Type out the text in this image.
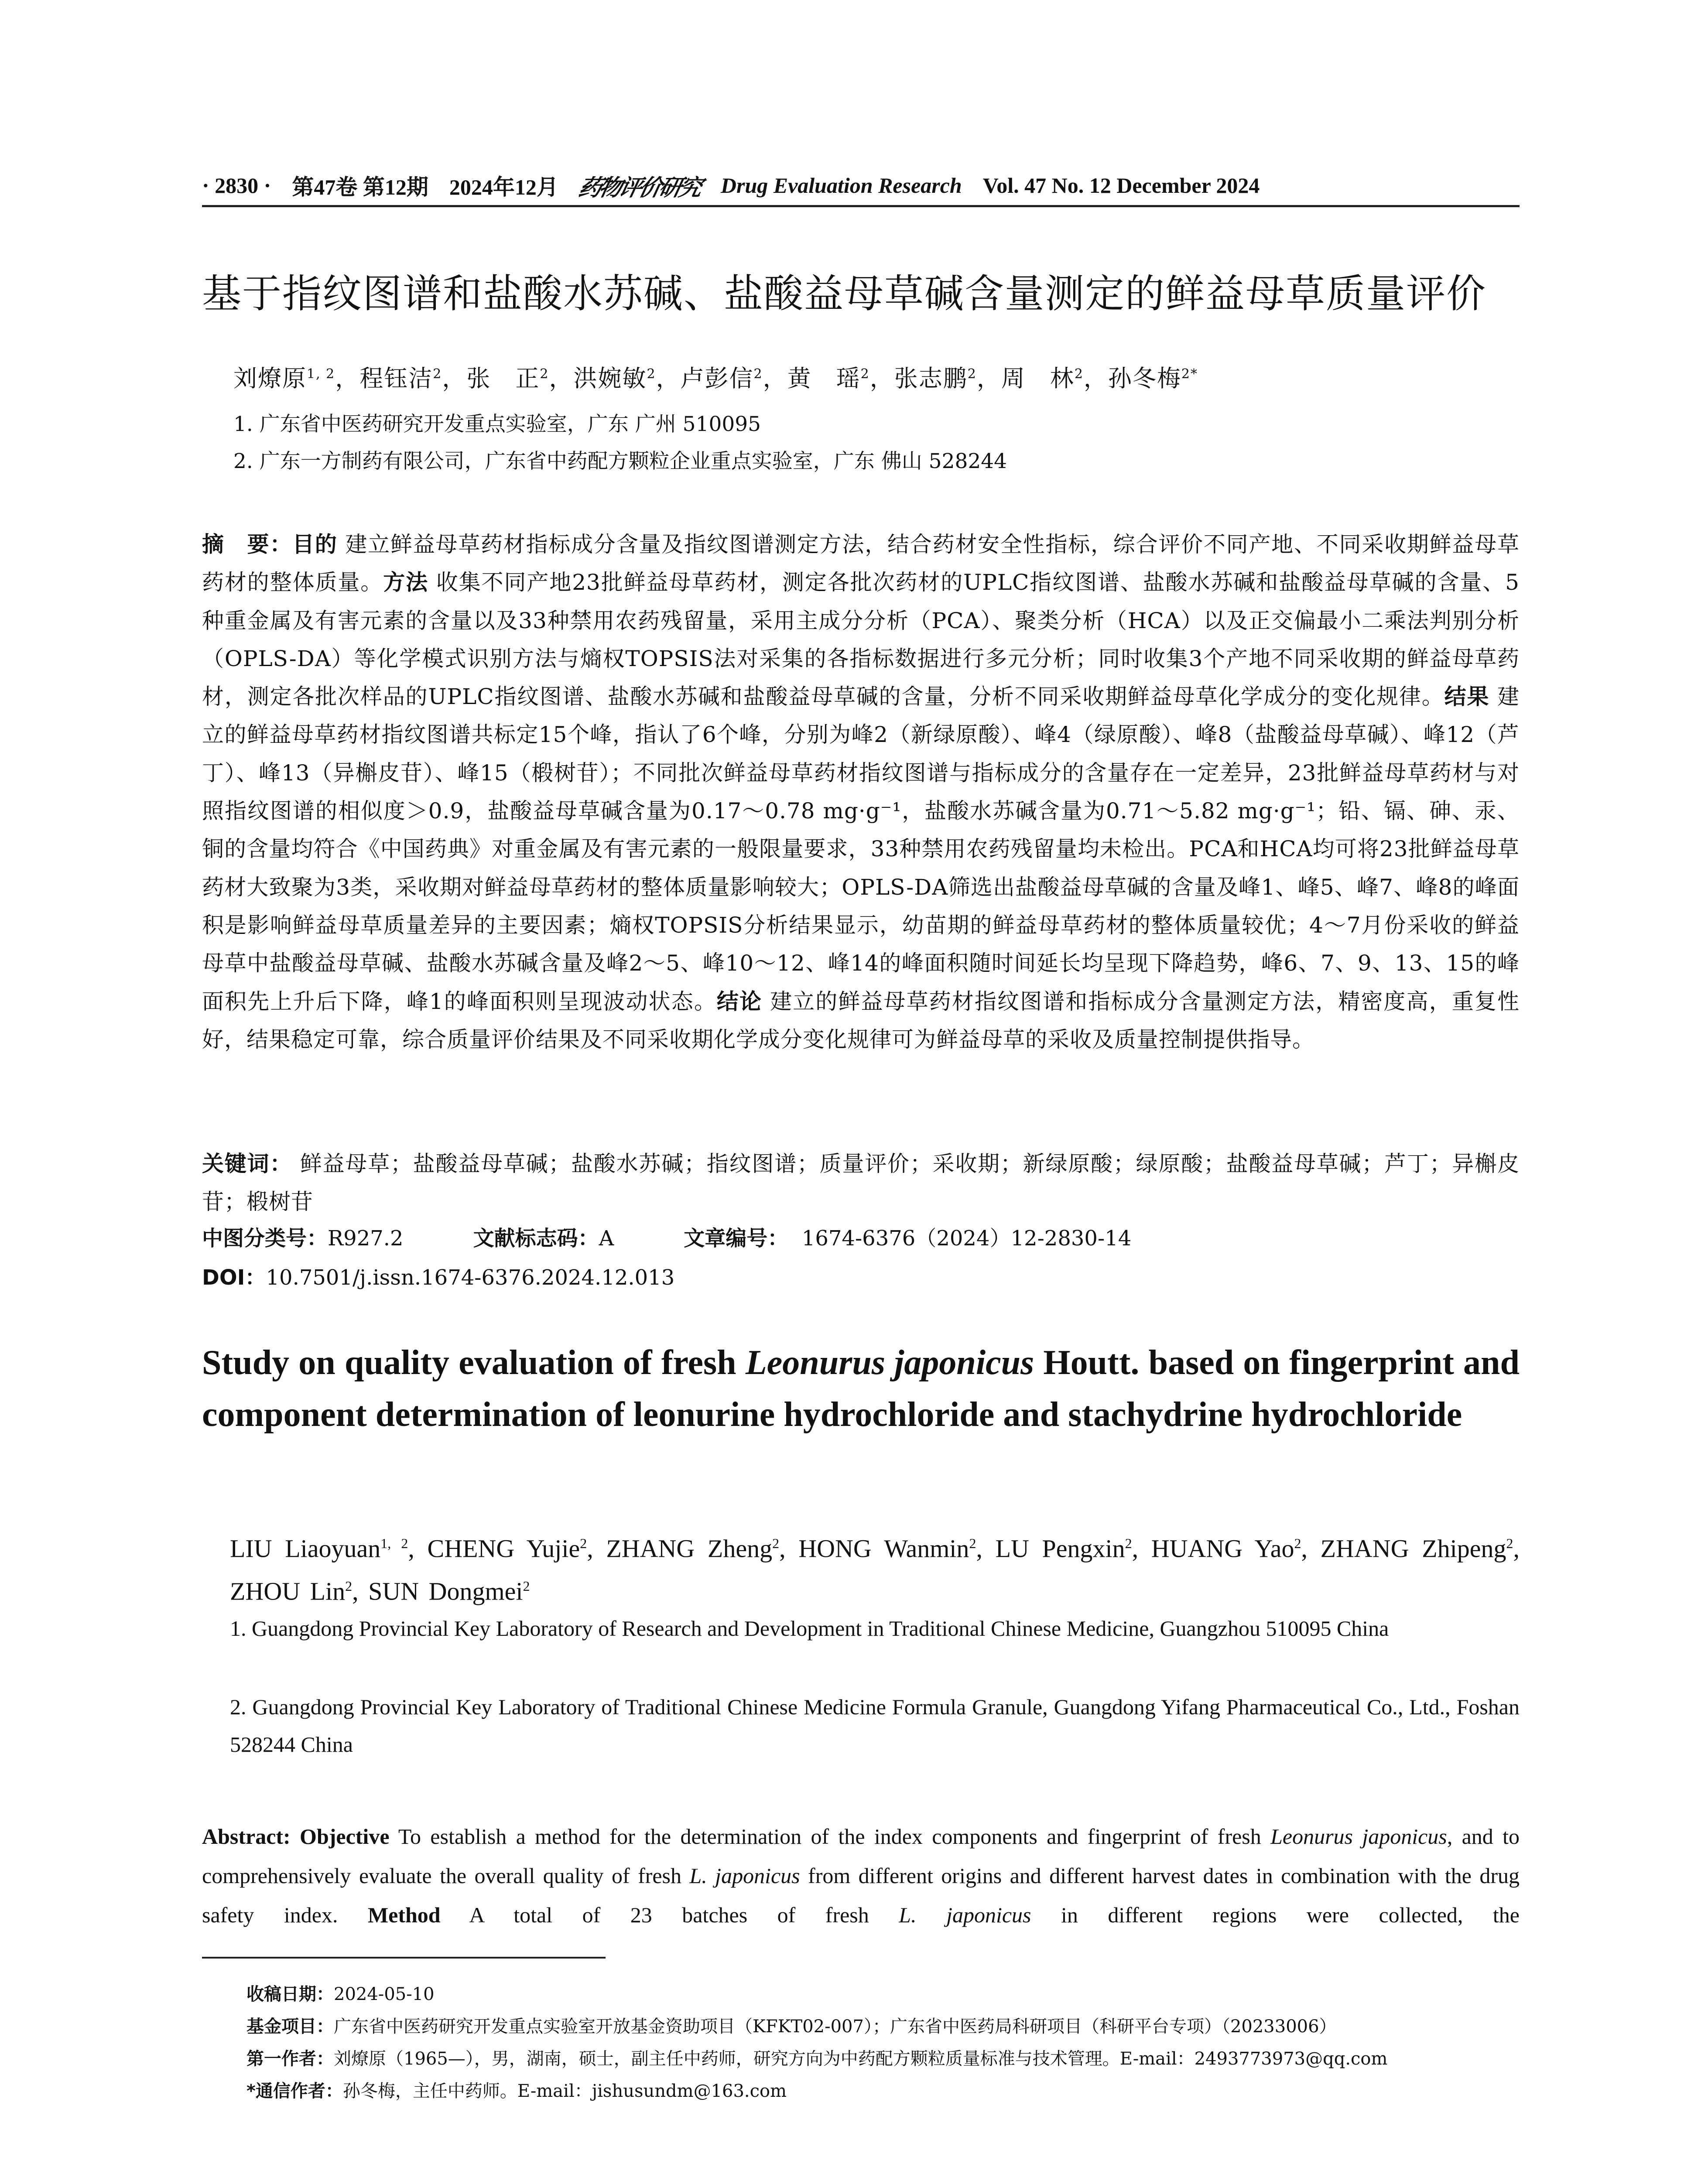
· 2830 · 第47卷 第12期 2024年12月 药物评价研究 Drug Evaluation Research Vol. 47 No. 12 December 2024
基于指纹图谱和盐酸水苏碱、盐酸益母草碱含量测定的鲜益母草质量评价
刘燎原$^{1, 2}$，程钰洁$^2$，张　正$^2$，洪婉敏$^2$，卢彭信$^2$，黄　瑶$^2$，张志鹏$^2$，周　林$^2$，孙冬梅$^{2*}$
1. 广东省中医药研究开发重点实验室，广东 广州 510095
2. 广东一方制药有限公司，广东省中药配方颗粒企业重点实验室，广东 佛山 528244
摘　要：目的 建立鲜益母草药材指标成分含量及指纹图谱测定方法，结合药材安全性指标，综合评价不同产地、不同采收期鲜益母草药材的整体质量。方法 收集不同产地23批鲜益母草药材，测定各批次药材的UPLC指纹图谱、盐酸水苏碱和盐酸益母草碱的含量、5种重金属及有害元素的含量以及33种禁用农药残留量，采用主成分分析（PCA）、聚类分析（HCA）以及正交偏最小二乘法判别分析（OPLS-DA）等化学模式识别方法与熵权TOPSIS法对采集的各指标数据进行多元分析；同时收集3个产地不同采收期的鲜益母草药材，测定各批次样品的UPLC指纹图谱、盐酸水苏碱和盐酸益母草碱的含量，分析不同采收期鲜益母草化学成分的变化规律。结果 建立的鲜益母草药材指纹图谱共标定15个峰，指认了6个峰，分别为峰2（新绿原酸）、峰4（绿原酸）、峰8（盐酸益母草碱）、峰12（芦丁）、峰13（异槲皮苷）、峰15（椴树苷）；不同批次鲜益母草药材指纹图谱与指标成分的含量存在一定差异，23批鲜益母草药材与对照指纹图谱的相似度＞0.9，盐酸益母草碱含量为0.17～0.78 mg·g⁻¹，盐酸水苏碱含量为0.71～5.82 mg·g⁻¹；铅、镉、砷、汞、铜的含量均符合《中国药典》对重金属及有害元素的一般限量要求，33种禁用农药残留量均未检出。PCA和HCA均可将23批鲜益母草药材大致聚为3类，采收期对鲜益母草药材的整体质量影响较大；OPLS-DA筛选出盐酸益母草碱的含量及峰1、峰5、峰7、峰8的峰面积是影响鲜益母草质量差异的主要因素；熵权TOPSIS分析结果显示，幼苗期的鲜益母草药材的整体质量较优；4～7月份采收的鲜益母草中盐酸益母草碱、盐酸水苏碱含量及峰2～5、峰10～12、峰14的峰面积随时间延长均呈现下降趋势，峰6、7、9、13、15的峰面积先上升后下降，峰1的峰面积则呈现波动状态。结论 建立的鲜益母草药材指纹图谱和指标成分含量测定方法，精密度高，重复性好，结果稳定可靠，综合质量评价结果及不同采收期化学成分变化规律可为鲜益母草的采收及质量控制提供指导。
关键词： 鲜益母草；盐酸益母草碱；盐酸水苏碱；指纹图谱；质量评价；采收期；新绿原酸；绿原酸；盐酸益母草碱；芦丁；异槲皮苷；椴树苷
中图分类号：R927.2	文献标志码：A	文章编号： 1674-6376（2024）12-2830-14
DOI：10.7501/j.issn.1674-6376.2024.12.013
Study on quality evaluation of fresh Leonurus japonicus Houtt. based on fingerprint and component determination of leonurine hydrochloride and stachydrine hydrochloride
LIU Liaoyuan$^{1, 2}$, CHENG Yujie$^2$, ZHANG Zheng$^2$, HONG Wanmin$^2$, LU Pengxin$^2$, HUANG Yao$^2$, ZHANG Zhipeng$^2$, ZHOU Lin$^2$, SUN Dongmei$^2$
1. Guangdong Provincial Key Laboratory of Research and Development in Traditional Chinese Medicine, Guangzhou 510095 China
2. Guangdong Provincial Key Laboratory of Traditional Chinese Medicine Formula Granule, Guangdong Yifang Pharmaceutical Co., Ltd., Foshan 528244 China
Abstract: Objective To establish a method for the determination of the index components and fingerprint of fresh Leonurus japonicus, and to comprehensively evaluate the overall quality of fresh L. japonicus from different origins and different harvest dates in combination with the drug safety index. Method A total of 23 batches of fresh L. japonicus in different regions were collected, the
收稿日期：2024-05-10
基金项目：广东省中医药研究开发重点实验室开放基金资助项目（KFKT02-007）；广东省中医药局科研项目（科研平台专项）（20233006）
第一作者：刘燎原（1965—），男，湖南，硕士，副主任中药师，研究方向为中药配方颗粒质量标准与技术管理。E-mail：2493773973@qq.com
*通信作者：孙冬梅，主任中药师。E-mail：jishusundm@163.com
